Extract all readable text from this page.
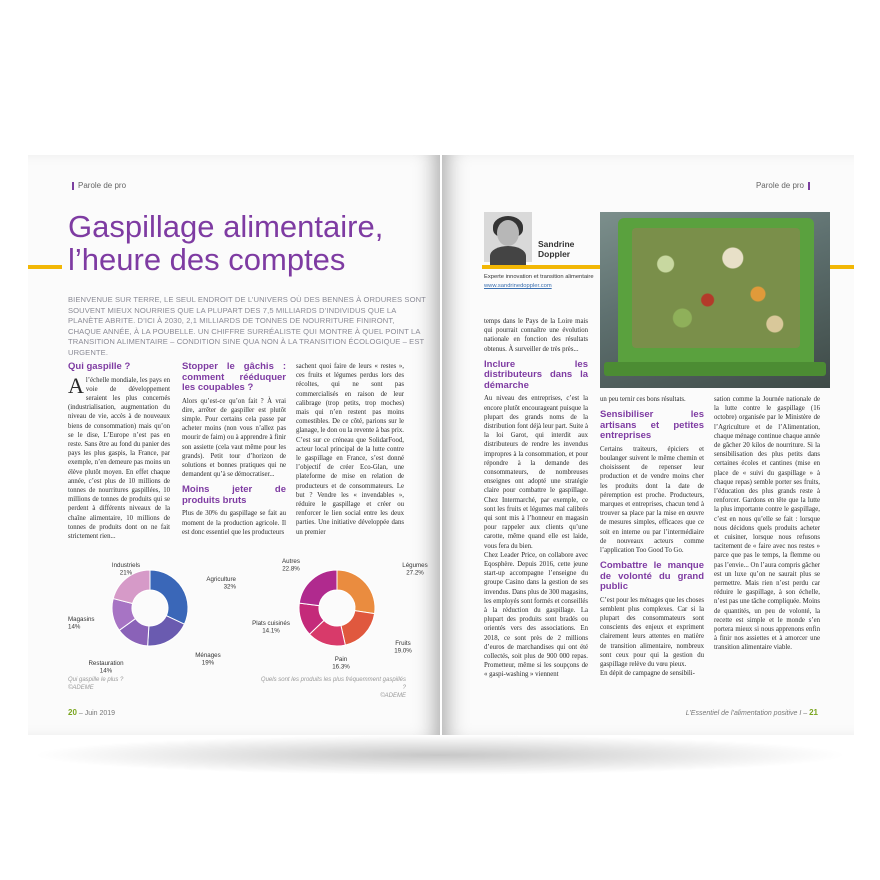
Parole de pro
Gaspillage alimentaire,
l’heure des comptes
BIENVENUE SUR TERRE, LE SEUL ENDROIT DE L’UNIVERS OÙ DES BENNES À ORDURES SONT SOUVENT MIEUX NOURRIES QUE LA PLUPART DES 7,5 MILLIARDS D’INDIVIDUS QUE LA PLANÈTE ABRITE. D’ICI À 2030, 2,1 MILLIARDS DE TONNES DE NOURRITURE FINIRONT, CHAQUE ANNÉE, À LA POUBELLE. UN CHIFFRE SURRÉALISTE QUI MONTRE À QUEL POINT LA TRANSITION ALIMENTAIRE – CONDITION SINE QUA NON À LA TRANSITION ÉCOLOGIQUE – EST URGENTE.
Qui gaspille ?
A l’échelle mondiale, les pays en voie de développement seraient les plus concernés (industrialisation, augmentation du niveau de vie, accès à de nouveaux biens de consommation) mais qu’on se le dise, L’Europe n’est pas en reste. Sans être au fond du panier des pays les plus gaspis, la France, par exemple, n’en demeure pas moins un élève plutôt moyen. En effet chaque année, c’est plus de 10 millions de tonnes de nourritures gaspillées, 10 millions de tonnes de produits qui se perdent à différents niveaux de la chaîne alimentaire, 10 millions de tonnes de produits dont on ne fait strictement rien...
Stopper le gâchis : comment rééduquer les coupables ?
Alors qu’est-ce qu’on fait ? À vrai dire, arrêter de gaspiller est plutôt simple. Pour certains cela passe par acheter moins (non vous n’allez pas mourir de faim) ou à apprendre à finir son assiette (cela vaut même pour les grands). Petit tour d’horizon de solutions et bonnes pratiques qui ne demandent qu’à se démocratiser...
Moins jeter de produits bruts
Plus de 30% du gaspillage se fait au moment de la production agricole. Il est donc essentiel que les producteurs
sachent quoi faire de leurs « restes », ces fruits et légumes perdus lors des récoltes, qui ne sont pas commercialisés en raison de leur calibrage (trop petits, trop moches) mais qui n’en restent pas moins comestibles. De ce côté, parions sur le glanage, le don ou la revente à bas prix. C’est sur ce créneau que SolidarFood, acteur local principal de la lutte contre le gaspillage en France, s’est donné l’objectif de créer Eco-Glan, une plateforme de mise en relation de producteurs et de consommateurs. Le but ? Vendre les « invendables », réduire le gaspillage et créer ou renforcer le lien social entre les deux parties. Une initiative développée dans un premier
Agriculture 32%
Ménages 19%
Restauration 14%
Magasins 14%
Industriels 21%
Légumes 27.2%
Fruits 19.0%
Pain 16.3%
Plats cuisinés 14.1%
Autres 22.8%
Qui gaspille le plus ?
©ADEME
Quels sont les produits les plus fréquemment gaspillés ?
©ADEME
20 – Juin 2019
Parole de pro
Sandrine
Doppler
Experte innovation et transition alimentaire
www.sandrinedoppler.com
temps dans le Pays de la Loire mais qui pourrait connaître une évolution nationale en fonction des résultats obtenus. À surveiller de très près...
Inclure les distributeurs dans la démarche
Au niveau des entreprises, c’est la encore plutôt encourageant puisque la plupart des grands noms de la distribution font déjà leur part. Suite à la loi Garot, qui interdit aux distributeurs de rendre les invendus impropres à la consommation, et pour répondre à la demande des consommateurs, de nombreuses enseignes ont adopté une stratégie claire pour combattre le gaspillage. Chez Intermarché, par exemple, ce sont les fruits et légumes mal calibrés qui sont mis à l’honneur en magasin pour rappeler aux clients qu’une carotte, même quand elle est laide, vous fera du bien.
Chez Leader Price, on collabore avec Eqosphère. Depuis 2016, cette jeune start-up accompagne l’enseigne du groupe Casino dans la gestion de ses invendus. Dans plus de 300 magasins, les employés sont formés et conseillés à la réduction du gaspillage. La plupart des produits sont bradés ou orientés vers des associations. En 2018, ce sont près de 2 millions d’euros de marchandises qui ont été collectés, soit plus de 900 000 repas. Prometteur, même si les soupçons de « gaspi-washing » viennent
un peu ternir ces bons résultats.
Sensibiliser les artisans et petites entreprises
Certains traiteurs, épiciers et boulanger suivent le même chemin et choisissent de repenser leur production et de vendre moins cher les produits dont la date de péremption est proche. Producteurs, marques et entreprises, chacun tend à trouver sa place par la mise en œuvre de mesures simples, efficaces que ce soit en interne ou par l’intermédiaire de nouveaux acteurs comme l’application Too Good To Go.
Combattre le manque de volonté du grand public
C’est pour les ménages que les choses semblent plus complexes. Car si la plupart des consommateurs sont conscients des enjeux et expriment clairement leurs attentes en matière de transition alimentaire, nombreux sont ceux pour qui la gestion du gaspillage relève du vœu pieux.
En dépit de campagne de sensibili-
sation comme la Journée nationale de la lutte contre le gaspillage (16 octobre) organisée par le Ministère de l’Agriculture et de l’Alimentation, chaque ménage continue chaque année de gâcher 20 kilos de nourriture. Si la sensibilisation des plus petits dans certaines écoles et cantines (mise en place de « suivi du gaspillage » à chaque repas) semble porter ses fruits, l’éducation des plus grands reste à renforcer. Gardons en tête que la lutte la plus importante contre le gaspillage, c’est en nous qu’elle se fait : lorsque nous décidons quels produits acheter et cuisiner, lorsque nous refusons tacitement de « faire avec nos restes » parce que pas le temps, la flemme ou pas l’envie... On l’aura compris gâcher est un luxe qu’on ne saurait plus se permettre. Mais rien n’est perdu car réduire le gaspillage, à son échelle, n’est pas une tâche compliquée. Moins de quantités, un peu de volonté, la recette est simple et le monde s’en portera mieux si nous apprenons enfin à finir nos assiettes et à amorcer une transition alimentaire viable.
L’Essentiel de l’alimentation positive I – 21
